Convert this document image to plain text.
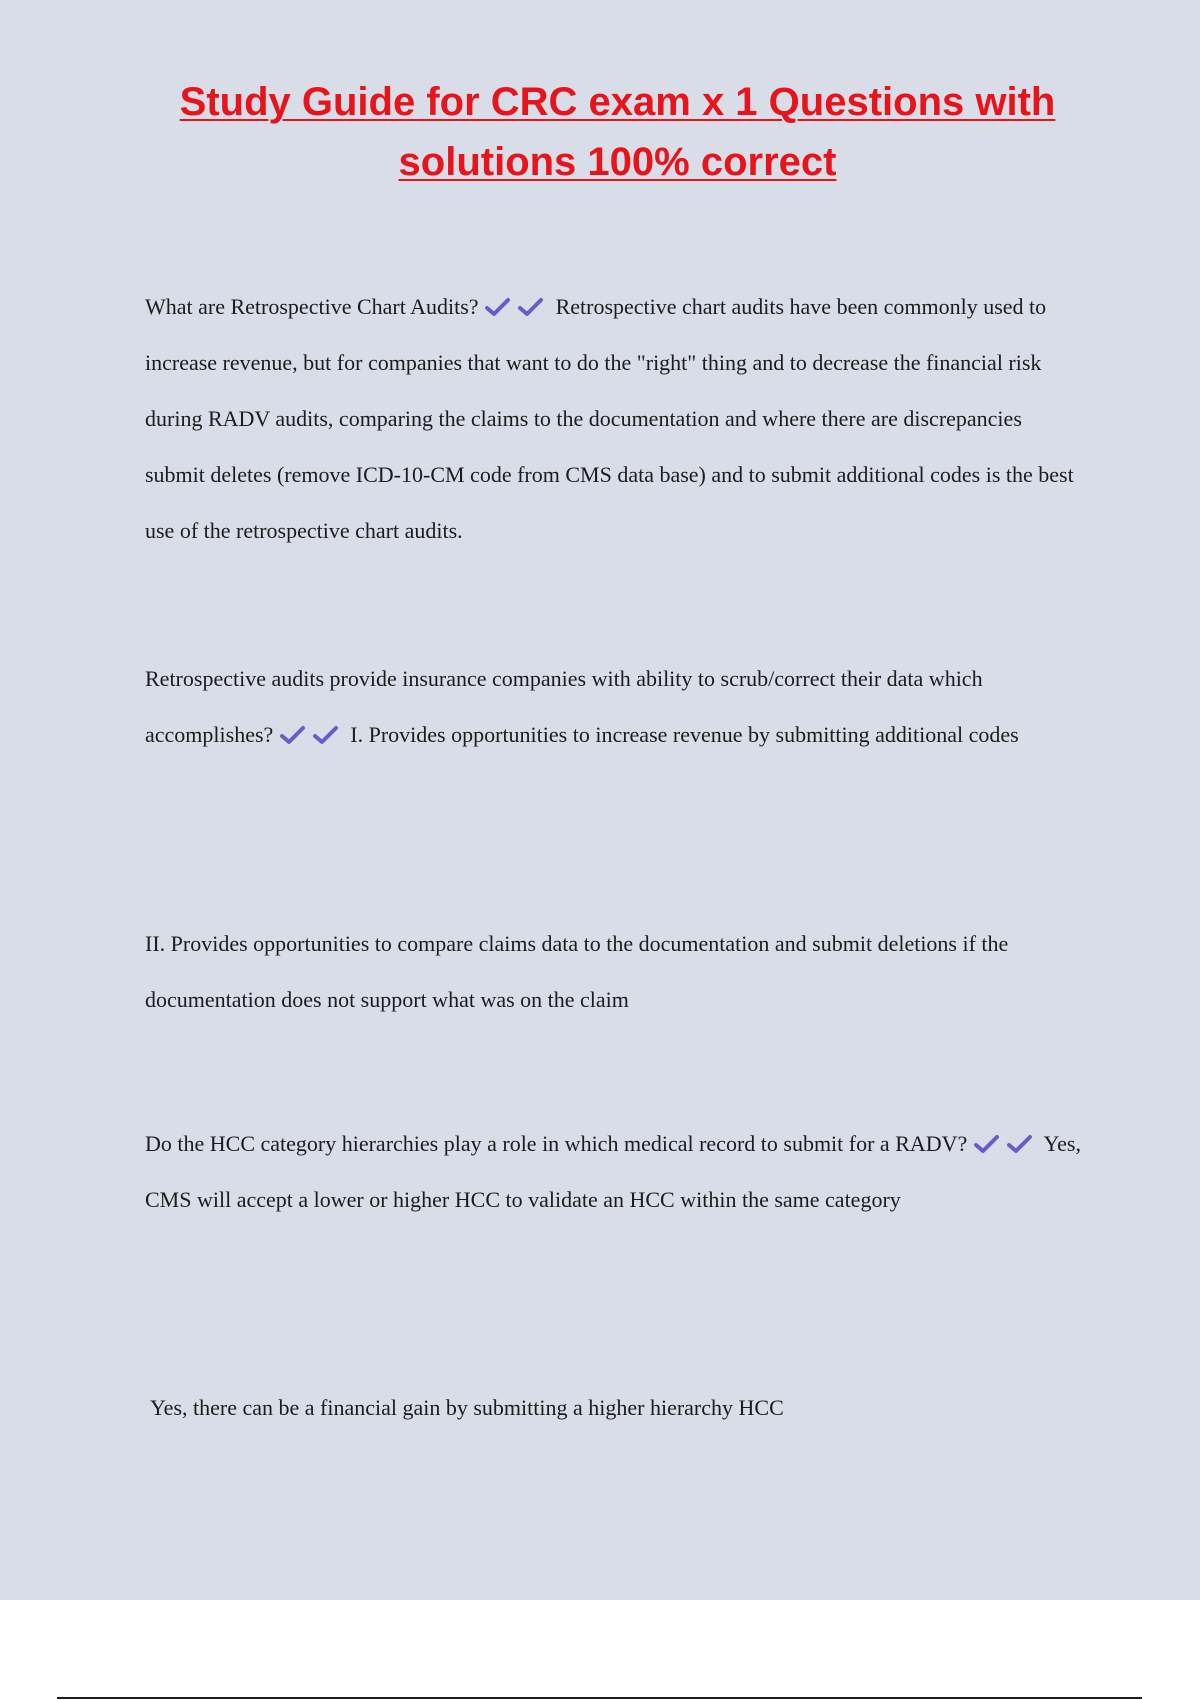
Study Guide for CRC exam x 1 Questions with
solutions 100% correct

What are Retrospective Chart Audits?	Retrospective chart audits have been commonly used to increase revenue, but for companies that want to do the "right" thing and to decrease the financial risk during RADV audits, comparing the claims to the documentation and where there are discrepancies submit deletes (remove ICD-10-CM code from CMS data base) and to submit additional codes is the best use of the retrospective chart audits.

Retrospective audits provide insurance companies with ability to scrub/correct their data which accomplishes?	I. Provides opportunities to increase revenue by submitting additional codes

II. Provides opportunities to compare claims data to the documentation and submit deletions if the documentation does not support what was on the claim

Do the HCC category hierarchies play a role in which medical record to submit for a RADV?	Yes, CMS will accept a lower or higher HCC to validate an HCC within the same category

Yes, there can be a financial gain by submitting a higher hierarchy HCC
